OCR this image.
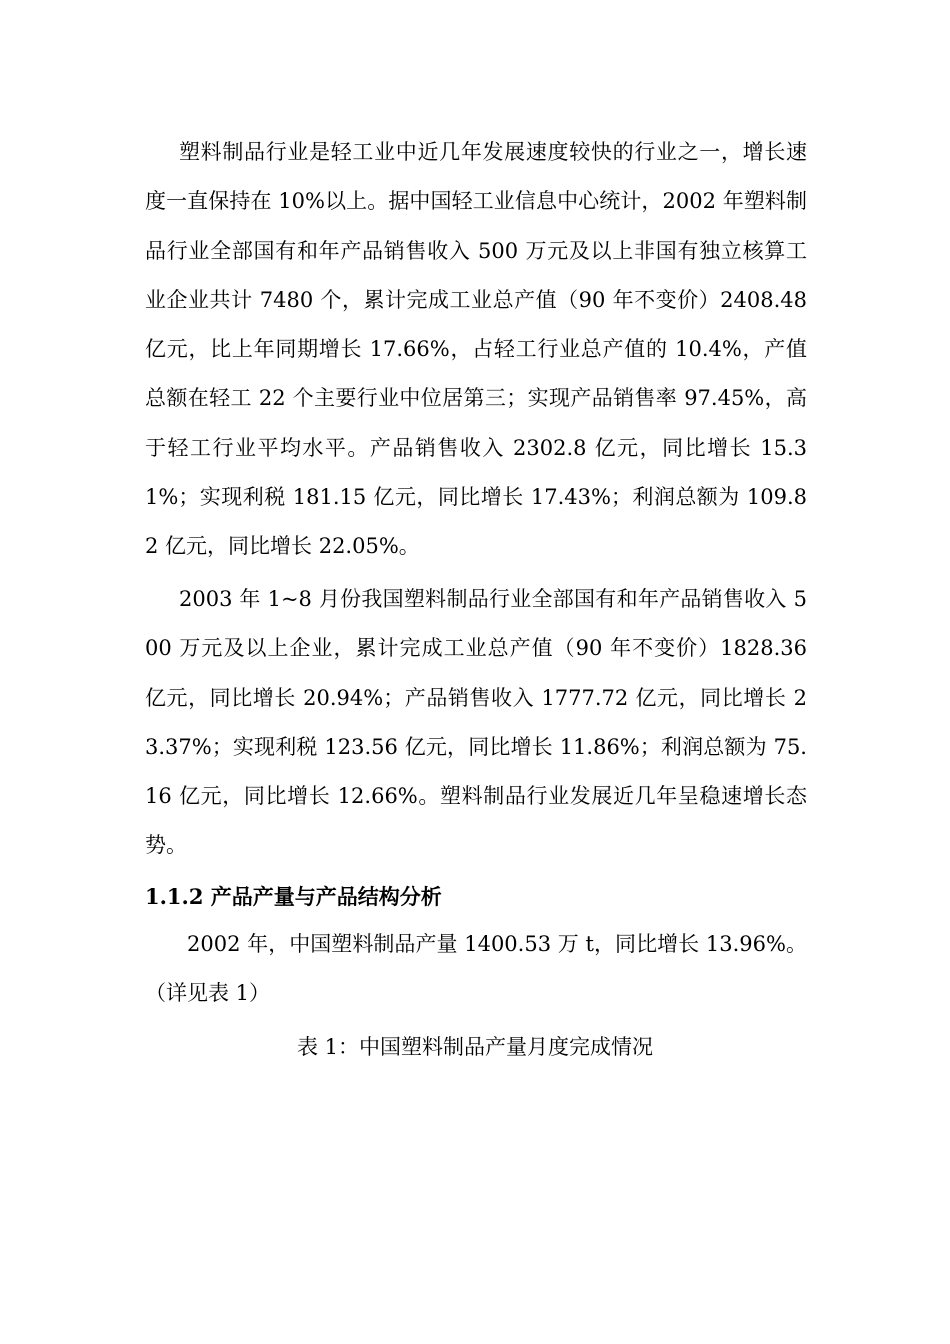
塑料制品行业是轻工业中近几年发展速度较快的行业之一，增长速度一直保持在 10%以上。据中国轻工业信息中心统计，2002 年塑料制品行业全部国有和年产品销售收入 500 万元及以上非国有独立核算工业企业共计 7480 个，累计完成工业总产值（90 年不变价）2408.48 亿元，比上年同期增长 17.66%，占轻工行业总产值的 10.4%，产值总额在轻工 22 个主要行业中位居第三；实现产品销售率 97.45%，高于轻工行业平均水平。产品销售收入 2302.8 亿元，同比增长 15.31%；实现利税 181.15 亿元，同比增长 17.43%；利润总额为 109.82 亿元，同比增长 22.05%。

2003 年 1~8 月份我国塑料制品行业全部国有和年产品销售收入 500 万元及以上企业，累计完成工业总产值（90 年不变价）1828.36 亿元，同比增长 20.94%；产品销售收入 1777.72 亿元，同比增长 23.37%；实现利税 123.56 亿元，同比增长 11.86%；利润总额为 75.16 亿元，同比增长 12.66%。塑料制品行业发展近几年呈稳速增长态势。

1.1.2 产品产量与产品结构分析

2002 年，中国塑料制品产量 1400.53 万 t，同比增长 13.96%。（详见表 1）

表 1：中国塑料制品产量月度完成情况
